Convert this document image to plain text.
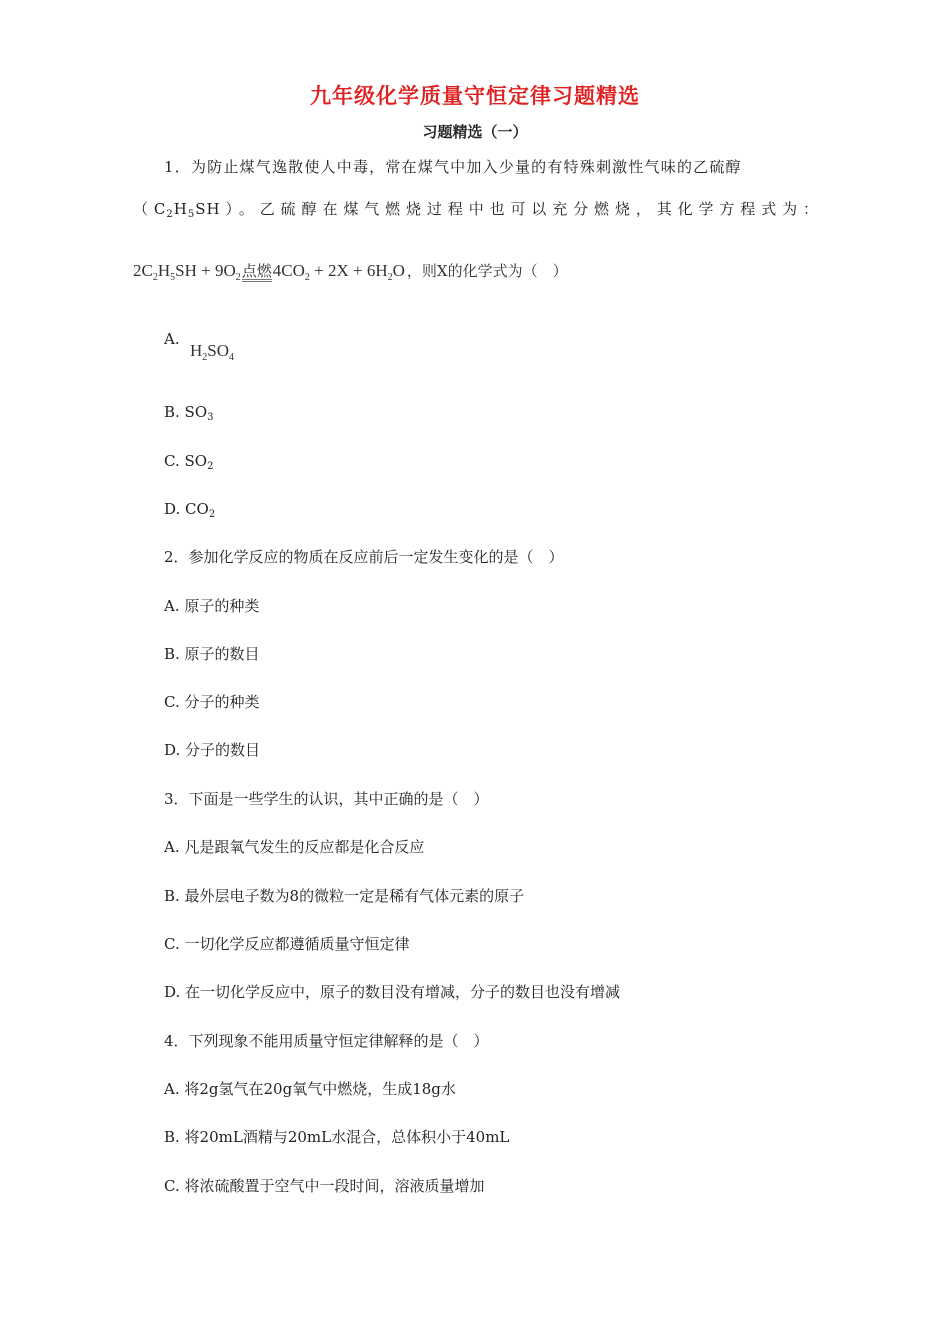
九年级化学质量守恒定律习题精选
习题精选（一）
1．为防止煤气逸散使人中毒，常在煤气中加入少量的有特殊刺激性气味的乙硫醇
$(C_2H_5SH)$。乙硫醇在煤气燃烧过程中也可以充分燃烧，其化学方程式为：
$2C_2H_5SH + 9O_2$点燃$4CO_2 + 2X + 6H_2O$ ，则X的化学式为（　）
A.
$H_2SO_4$
B. $SO_3$
C. $SO_2$
D. $CO_2$
2．参加化学反应的物质在反应前后一定发生变化的是（　）
A. 原子的种类
B. 原子的数目
C. 分子的种类
D. 分子的数目
3．下面是一些学生的认识，其中正确的是（　）
A. 凡是跟氧气发生的反应都是化合反应
B. 最外层电子数为8的微粒一定是稀有气体元素的原子
C. 一切化学反应都遵循质量守恒定律
D. 在一切化学反应中，原子的数目没有增减，分子的数目也没有增减
4．下列现象不能用质量守恒定律解释的是（　）
A. 将2g氢气在20g氧气中燃烧，生成18g水
B. 将20mL酒精与20mL水混合，总体积小于40mL
C. 将浓硫酸置于空气中一段时间，溶液质量增加
